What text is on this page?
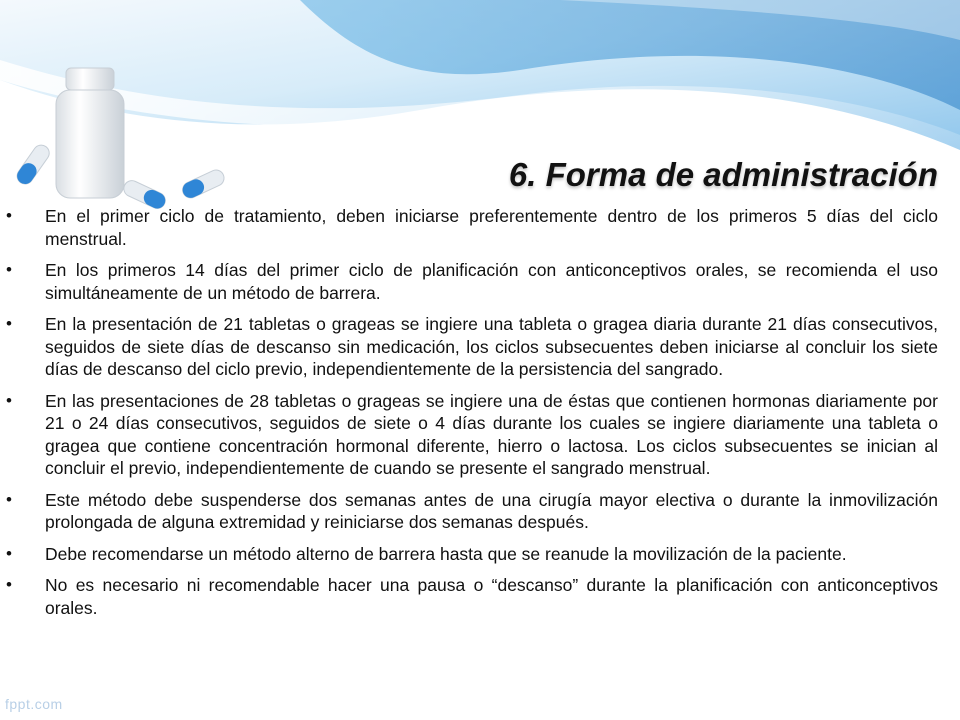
6. Forma de administración
• En el primer ciclo de tratamiento, deben iniciarse preferentemente dentro de los primeros 5 días del ciclo menstrual.
• En los primeros 14 días del primer ciclo de planificación con anticonceptivos orales, se recomienda el uso simultáneamente de un método de barrera.
• En la presentación de 21 tabletas o grageas se ingiere una tableta o gragea diaria durante 21 días consecutivos, seguidos de siete días de descanso sin medicación, los ciclos subsecuentes deben iniciarse al concluir los siete días de descanso del ciclo previo, independientemente de la persistencia del sangrado.
• En las presentaciones de 28 tabletas o grageas se ingiere una de éstas que contienen hormonas diariamente por 21 o 24 días consecutivos, seguidos de siete o 4 días durante los cuales se ingiere diariamente una tableta o gragea que contiene concentración hormonal diferente, hierro o lactosa. Los ciclos subsecuentes se inician al concluir el previo, independientemente de cuando se presente el sangrado menstrual.
• Este método debe suspenderse dos semanas antes de una cirugía mayor electiva o durante la inmovilización prolongada de alguna extremidad y reiniciarse dos semanas después.
• Debe recomendarse un método alterno de barrera hasta que se reanude la movilización de la paciente.
• No es necesario ni recomendable hacer una pausa o “descanso” durante la planificación con anticonceptivos orales.
fppt.com
